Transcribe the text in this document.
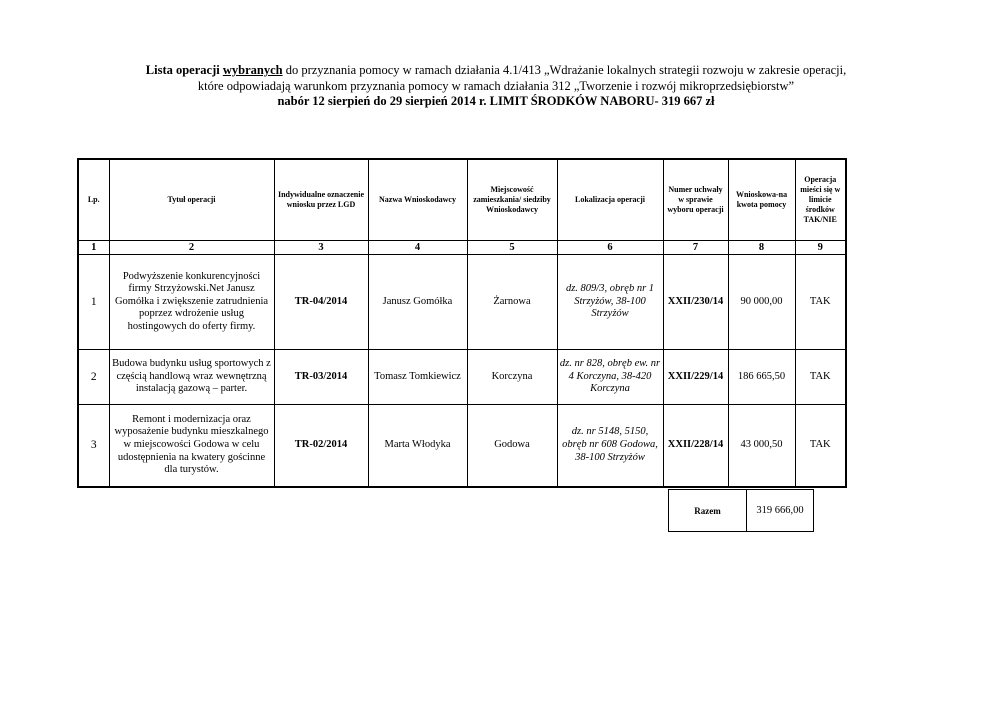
Lista operacji wybranych do przyznania pomocy w ramach działania 4.1/413 „Wdrażanie lokalnych strategii rozwoju w zakresie operacji,
które odpowiadają warunkom przyznania pomocy w ramach działania 312 „Tworzenie i rozwój mikroprzedsiębiorstw”
nabór 12 sierpień do 29 sierpień 2014 r. LIMIT ŚRODKÓW NABORU- 319 667 zł
Lp.	Tytuł operacji	Indywidualne oznaczenie wniosku przez LGD	Nazwa Wnioskodawcy	Miejscowość zamieszkania/ siedziby Wnioskodawcy	Lokalizacja operacji	Numer uchwały w sprawie wyboru operacji	Wnioskowa-na kwota pomocy	Operacja mieści się w limicie środków TAK/NIE
1	2	3	4	5	6	7	8	9
1	Podwyższenie konkurencyjności firmy Strzyżowski.Net Janusz Gomółka i zwiększenie zatrudnienia poprzez wdrożenie usług hostingowych do oferty firmy.	TR-04/2014	Janusz Gomółka	Żarnowa	dz. 809/3, obręb nr 1 Strzyżów, 38-100 Strzyżów	XXII/230/14	90 000,00	TAK
2	Budowa budynku usług sportowych z częścią handlową wraz wewnętrzną instalacją gazową – parter.	TR-03/2014	Tomasz Tomkiewicz	Korczyna	dz. nr 828, obręb ew. nr 4 Korczyna, 38-420 Korczyna	XXII/229/14	186 665,50	TAK
3	Remont i modernizacja oraz wyposażenie budynku mieszkalnego w miejscowości Godowa w celu udostępnienia na kwatery gościnne dla turystów.	TR-02/2014	Marta Włodyka	Godowa	dz. nr 5148, 5150, obręb nr 608 Godowa, 38-100 Strzyżów	XXII/228/14	43 000,50	TAK
Razem	319 666,00
